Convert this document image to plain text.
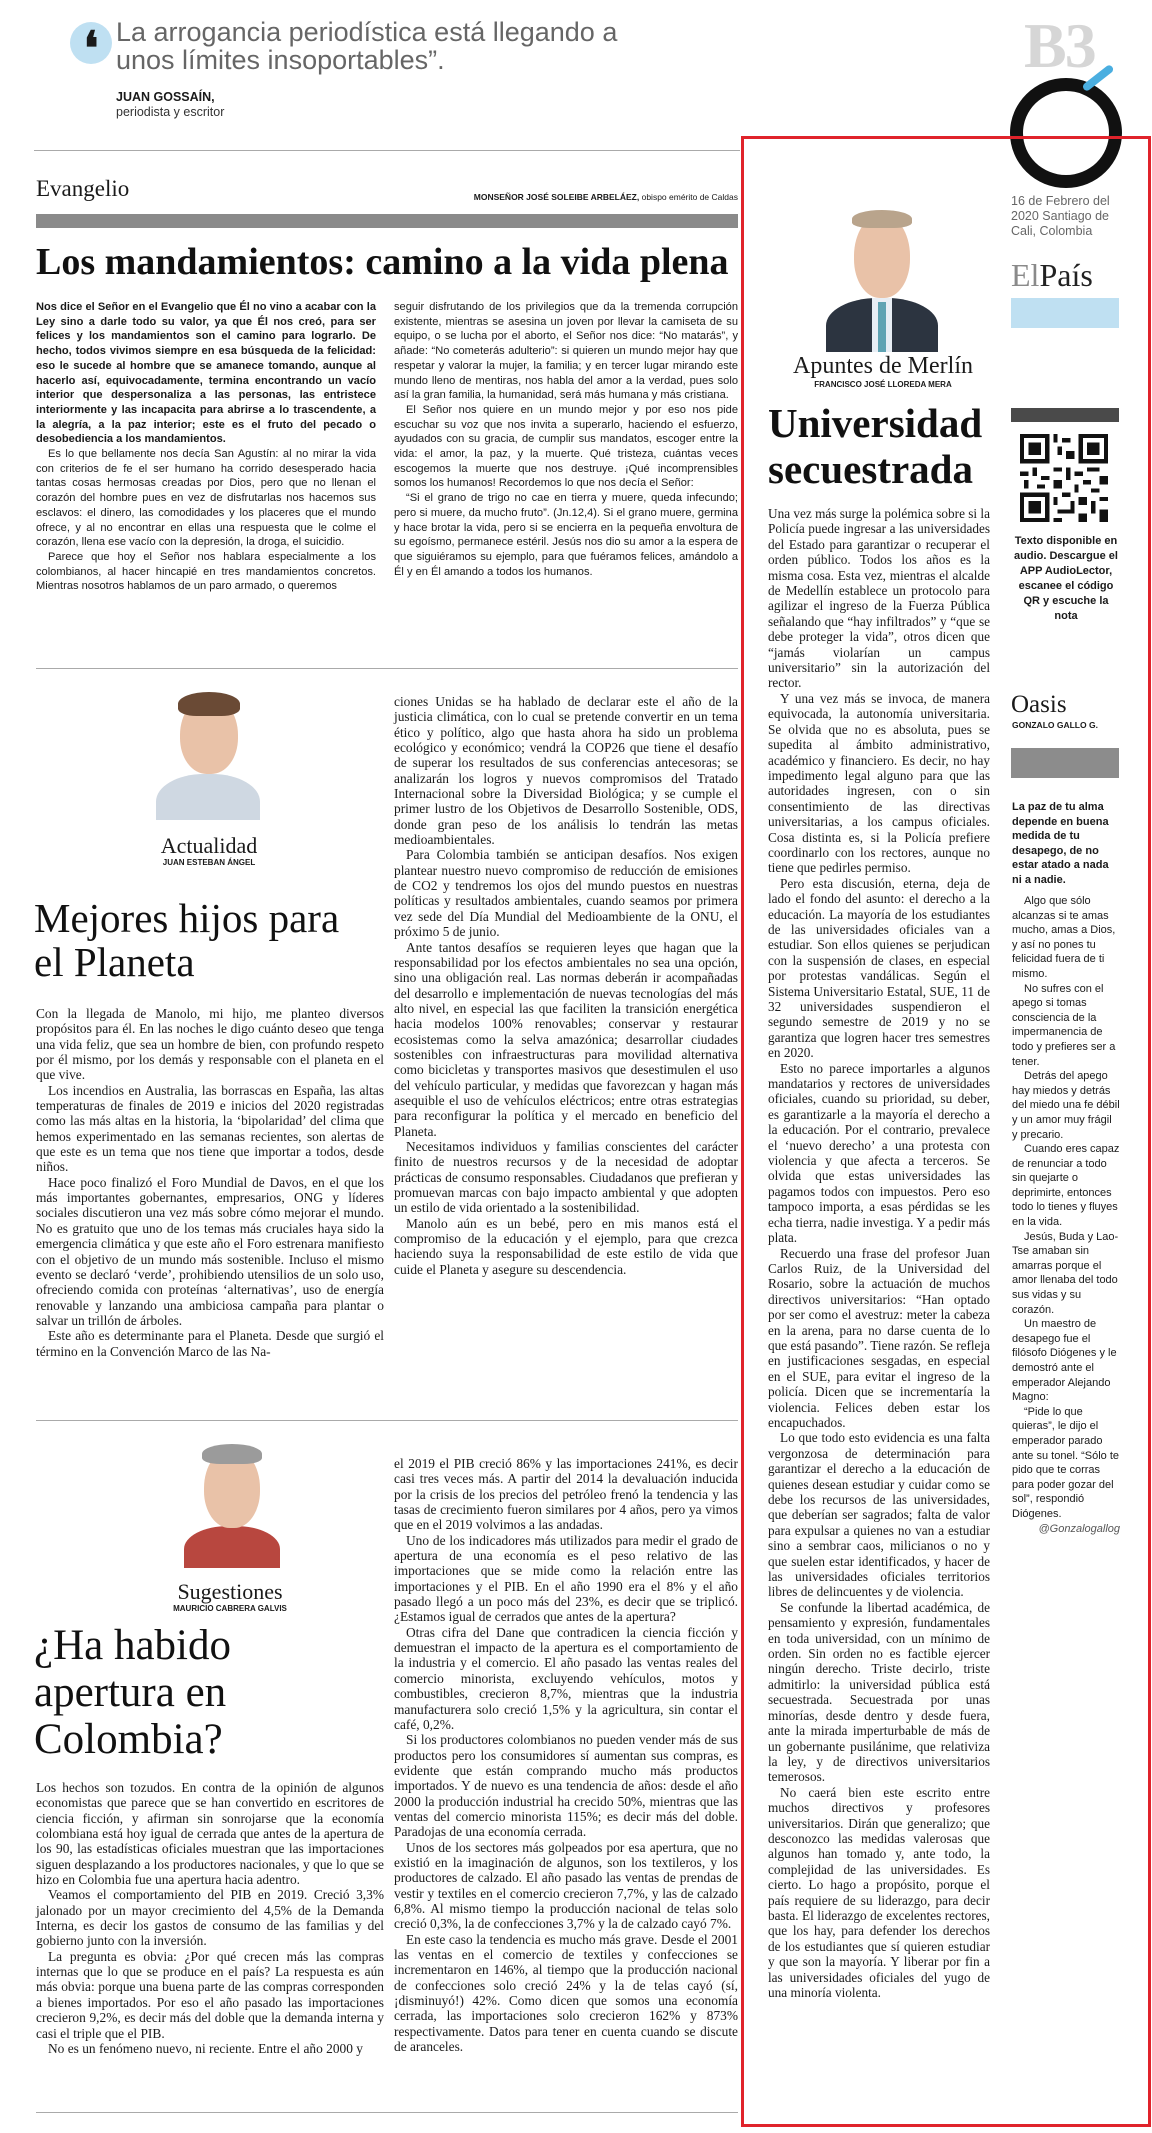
❛ La arrogancia periodística está llegando a unos límites insoportables”.
JUAN GOSSAÍN,
periodista y escritor
B3
16 de Febrero del 2020 Santiago de Cali, Colombia
ElPaís
Texto disponible en audio. Descargue el APP AudioLector, escanee el código QR y escuche la nota
Oasis
GONZALO GALLO G.
La paz de tu alma depende en buena medida de tu desapego, de no estar atado a nada ni a nadie.

Algo que sólo alcanzas si te amas mucho, amas a Dios, y así no pones tu felicidad fuera de ti mismo.

No sufres con el apego si tomas consciencia de la impermanencia de todo y prefieres ser a tener.

Detrás del apego hay miedos y detrás del miedo una fe débil y un amor muy frágil y precario.

Cuando eres capaz de renunciar a todo sin quejarte o deprimirte, entonces todo lo tienes y fluyes en la vida.

Jesús, Buda y Lao-Tse amaban sin amarras porque el amor llenaba del todo sus vidas y su corazón.

Un maestro de desapego fue el filósofo Diógenes y le demostró ante el emperador Alejando Magno:

“Pide lo que quieras”, le dijo el emperador parado ante su tonel. “Sólo te pido que te corras para poder gozar del sol”, respondió Diógenes.

@Gonzalogallog

Evangelio	MONSEÑOR JOSÉ SOLEIBE ARBELÁEZ, obispo emérito de Caldas
Los mandamientos: camino a la vida plena

Nos dice el Señor en el Evangelio que Él no vino a acabar con la Ley sino a darle todo su valor, ya que Él nos creó, para ser felices y los mandamientos son el camino para lograrlo. De hecho, todos vivimos siempre en esa búsqueda de la felicidad: eso le sucede al hombre que se amanece tomando, aunque al hacerlo así, equivocadamente, termina encontrando un vacío interior que despersonaliza a las personas, las entristece interiormente y las incapacita para abrirse a lo trascendente, a la alegría, a la paz interior; este es el fruto del pecado o desobediencia a los mandamientos.

Es lo que bellamente nos decía San Agustín: al no mirar la vida con criterios de fe el ser humano ha corrido desesperado hacia tantas cosas hermosas creadas por Dios, pero que no llenan el corazón del hombre pues en vez de disfrutarlas nos hacemos sus esclavos: el dinero, las comodidades y los placeres que el mundo ofrece, y al no encontrar en ellas una respuesta que le colme el corazón, llena ese vacío con la depresión, la droga, el suicidio.

Parece que hoy el Señor nos hablara especialmente a los colombianos, al hacer hincapié en tres mandamientos concretos. Mientras nosotros hablamos de un paro armado, o queremos

seguir disfrutando de los privilegios que da la tremenda corrupción existente, mientras se asesina un joven por llevar la camiseta de su equipo, o se lucha por el aborto, el Señor nos dice: “No matarás”, y añade: “No cometerás adulterio”: si quieren un mundo mejor hay que respetar y valorar la mujer, la familia; y en tercer lugar mirando este mundo lleno de mentiras, nos habla del amor a la verdad, pues solo así la gran familia, la humanidad, será más humana y más cristiana.

El Señor nos quiere en un mundo mejor y por eso nos pide escuchar su voz que nos invita a superarlo, haciendo el esfuerzo, ayudados con su gracia, de cumplir sus mandatos, escoger entre la vida: el amor, la paz, y la muerte. Qué tristeza, cuántas veces escogemos la muerte que nos destruye. ¡Qué incomprensibles somos los humanos! Recordemos lo que nos decía el Señor:

“Si el grano de trigo no cae en tierra y muere, queda infecundo; pero si muere, da mucho fruto”. (Jn.12,4). Si el grano muere, germina y hace brotar la vida, pero si se encierra en la pequeña envoltura de su egoísmo, permanece estéril. Jesús nos dio su amor a la espera de que siguiéramos su ejemplo, para que fuéramos felices, amándolo a Él y en Él amando a todos los humanos.

Actualidad
JUAN ESTEBAN ÁNGEL
Mejores hijos para
el Planeta

Con la llegada de Manolo, mi hijo, me planteo diversos propósitos para él. En las noches le digo cuánto deseo que tenga una vida feliz, que sea un hombre de bien, con profundo respeto por él mismo, por los demás y responsable con el planeta en el que vive.

Los incendios en Australia, las borrascas en España, las altas temperaturas de finales de 2019 e inicios del 2020 registradas como las más altas en la historia, la ‘bipolaridad’ del clima que hemos experimentado en las semanas recientes, son alertas de que este es un tema que nos tiene que importar a todos, desde niños.

Hace poco finalizó el Foro Mundial de Davos, en el que los más importantes gobernantes, empresarios, ONG y líderes sociales discutieron una vez más sobre cómo mejorar el mundo. No es gratuito que uno de los temas más cruciales haya sido la emergencia climática y que este año el Foro estrenara manifiesto con el objetivo de un mundo más sostenible. Incluso el mismo evento se declaró ‘verde’, prohibiendo utensilios de un solo uso, ofreciendo comida con proteínas ‘alternativas’, uso de energía renovable y lanzando una ambiciosa campaña para plantar o salvar un trillón de árboles.

Este año es determinante para el Planeta. Desde que surgió el término en la Convención Marco de las Na-

ciones Unidas se ha hablado de declarar este el año de la justicia climática, con lo cual se pretende convertir en un tema ético y político, algo que hasta ahora ha sido un problema ecológico y económico; vendrá la COP26 que tiene el desafío de superar los resultados de sus conferencias antecesoras; se analizarán los logros y nuevos compromisos del Tratado Internacional sobre la Diversidad Biológica; y se cumple el primer lustro de los Objetivos de Desarrollo Sostenible, ODS, donde gran peso de los análisis lo tendrán las metas medioambientales.

Para Colombia también se anticipan desafíos. Nos exigen plantear nuestro nuevo compromiso de reducción de emisiones de CO2 y tendremos los ojos del mundo puestos en nuestras políticas y resultados ambientales, cuando seamos por primera vez sede del Día Mundial del Medioambiente de la ONU, el próximo 5 de junio.

Ante tantos desafíos se requieren leyes que hagan que la responsabilidad por los efectos ambientales no sea una opción, sino una obligación real. Las normas deberán ir acompañadas del desarrollo e implementación de nuevas tecnologías del más alto nivel, en especial las que faciliten la transición energética hacia modelos 100% renovables; conservar y restaurar ecosistemas como la selva amazónica; desarrollar ciudades sostenibles con infraestructuras para movilidad alternativa como bicicletas y transportes masivos que desestimulen el uso del vehículo particular, y medidas que favorezcan y hagan más asequible el uso de vehículos eléctricos; entre otras estrategias para reconfigurar la política y el mercado en beneficio del Planeta.

Necesitamos individuos y familias conscientes del carácter finito de nuestros recursos y de la necesidad de adoptar prácticas de consumo responsables. Ciudadanos que prefieran y promuevan marcas con bajo impacto ambiental y que adopten un estilo de vida orientado a la sostenibilidad.

Manolo aún es un bebé, pero en mis manos está el compromiso de la educación y el ejemplo, para que crezca haciendo suya la responsabilidad de este estilo de vida que cuide el Planeta y asegure su descendencia.

Sugestiones
MAURICIO CABRERA GALVIS
¿Ha habido
apertura en
Colombia?

Los hechos son tozudos. En contra de la opinión de algunos economistas que parece que se han convertido en escritores de ciencia ficción, y afirman sin sonrojarse que la economía colombiana está hoy igual de cerrada que antes de la apertura de los 90, las estadísticas oficiales muestran que las importaciones siguen desplazando a los productores nacionales, y que lo que se hizo en Colombia fue una apertura hacia adentro.

Veamos el comportamiento del PIB en 2019. Creció 3,3% jalonado por un mayor crecimiento del 4,5% de la Demanda Interna, es decir los gastos de consumo de las familias y del gobierno junto con la inversión.

La pregunta es obvia: ¿Por qué crecen más las compras internas que lo que se produce en el país? La respuesta es aún más obvia: porque una buena parte de las compras corresponden a bienes importados. Por eso el año pasado las importaciones crecieron 9,2%, es decir más del doble que la demanda interna y casi el triple que el PIB.

No es un fenómeno nuevo, ni reciente. Entre el año 2000 y

el 2019 el PIB creció 86% y las importaciones 241%, es decir casi tres veces más. A partir del 2014 la devaluación inducida por la crisis de los precios del petróleo frenó la tendencia y las tasas de crecimiento fueron similares por 4 años, pero ya vimos que en el 2019 volvimos a las andadas.

Uno de los indicadores más utilizados para medir el grado de apertura de una economía es el peso relativo de las importaciones que se mide como la relación entre las importaciones y el PIB. En el año 1990 era el 8% y el año pasado llegó a un poco más del 23%, es decir que se triplicó. ¿Estamos igual de cerrados que antes de la apertura?

Otras cifra del Dane que contradicen la ciencia ficción y demuestran el impacto de la apertura es el comportamiento de la industria y el comercio. El año pasado las ventas reales del comercio minorista, excluyendo vehículos, motos y combustibles, crecieron 8,7%, mientras que la industria manufacturera solo creció 1,5% y la agricultura, sin contar el café, 0,2%.

Si los productores colombianos no pueden vender más de sus productos pero los consumidores sí aumentan sus compras, es evidente que están comprando mucho más productos importados. Y de nuevo es una tendencia de años: desde el año 2000 la producción industrial ha crecido 50%, mientras que las ventas del comercio minorista 115%; es decir más del doble. Paradojas de una economía cerrada.

Unos de los sectores más golpeados por esa apertura, que no existió en la imaginación de algunos, son los textileros, y los productores de calzado. El año pasado las ventas de prendas de vestir y textiles en el comercio crecieron 7,7%, y las de calzado 6,8%. Al mismo tiempo la producción nacional de telas solo creció 0,3%, la de confecciones 3,7% y la de calzado cayó 7%.

En este caso la tendencia es mucho más grave. Desde el 2001 las ventas en el comercio de textiles y confecciones se incrementaron en 146%, al tiempo que la producción nacional de confecciones solo creció 24% y la de telas cayó (sí, ¡disminuyó!) 42%. Como dicen que somos una economía cerrada, las importaciones solo crecieron 162% y 873% respectivamente. Datos para tener en cuenta cuando se discute de aranceles.

Apuntes de Merlín
FRANCISCO JOSÉ LLOREDA MERA
Universidad
secuestrada

Una vez más surge la polémica sobre si la Policía puede ingresar a las universidades del Estado para garantizar o recuperar el orden público. Todos los años es la misma cosa. Esta vez, mientras el alcalde de Medellín establece un protocolo para agilizar el ingreso de la Fuerza Pública señalando que “hay infiltrados” y “que se debe proteger la vida”, otros dicen que “jamás violarían un campus universitario” sin la autorización del rector.

Y una vez más se invoca, de manera equivocada, la autonomía universitaria. Se olvida que no es absoluta, pues se supedita al ámbito administrativo, académico y financiero. Es decir, no hay impedimento legal alguno para que las autoridades ingresen, con o sin consentimiento de las directivas universitarias, a los campus oficiales. Cosa distinta es, si la Policía prefiere coordinarlo con los rectores, aunque no tiene que pedirles permiso.

Pero esta discusión, eterna, deja de lado el fondo del asunto: el derecho a la educación. La mayoría de los estudiantes de las universidades oficiales van a estudiar. Son ellos quienes se perjudican con la suspensión de clases, en especial por protestas vandálicas. Según el Sistema Universitario Estatal, SUE, 11 de 32 universidades suspendieron el segundo semestre de 2019 y no se garantiza que logren hacer tres semestres en 2020.

Esto no parece importarles a algunos mandatarios y rectores de universidades oficiales, cuando su prioridad, su deber, es garantizarle a la mayoría el derecho a la educación. Por el contrario, prevalece el ‘nuevo derecho’ a una protesta con violencia y que afecta a terceros. Se olvida que estas universidades las pagamos todos con impuestos. Pero eso tampoco importa, a esas pérdidas se les echa tierra, nadie investiga. Y a pedir más plata.

Recuerdo una frase del profesor Juan Carlos Ruiz, de la Universidad del Rosario, sobre la actuación de muchos directivos universitarios: “Han optado por ser como el avestruz: meter la cabeza en la arena, para no darse cuenta de lo que está pasando”. Tiene razón. Se refleja en justificaciones sesgadas, en especial en el SUE, para evitar el ingreso de la policía. Dicen que se incrementaría la violencia. Felices deben estar los encapuchados.

Lo que todo esto evidencia es una falta vergonzosa de determinación para garantizar el derecho a la educación de quienes desean estudiar y cuidar como se debe los recursos de las universidades, que deberían ser sagrados; falta de valor para expulsar a quienes no van a estudiar sino a sembrar caos, milicianos o no y que suelen estar identificados, y hacer de las universidades oficiales territorios libres de delincuentes y de violencia.

Se confunde la libertad académica, de pensamiento y expresión, fundamentales en toda universidad, con un mínimo de orden. Sin orden no es factible ejercer ningún derecho. Triste decirlo, triste admitirlo: la universidad pública está secuestrada. Secuestrada por unas minorías, desde dentro y desde fuera, ante la mirada imperturbable de más de un gobernante pusilánime, que relativiza la ley, y de directivos universitarios temerosos.

No caerá bien este escrito entre muchos directivos y profesores universitarios. Dirán que generalizo; que desconozco las medidas valerosas que algunos han tomado y, ante todo, la complejidad de las universidades. Es cierto. Lo hago a propósito, porque el país requiere de su liderazgo, para decir basta. El liderazgo de excelentes rectores, que los hay, para defender los derechos de los estudiantes que sí quieren estudiar y que son la mayoría. Y liberar por fin a las universidades oficiales del yugo de una minoría violenta.
